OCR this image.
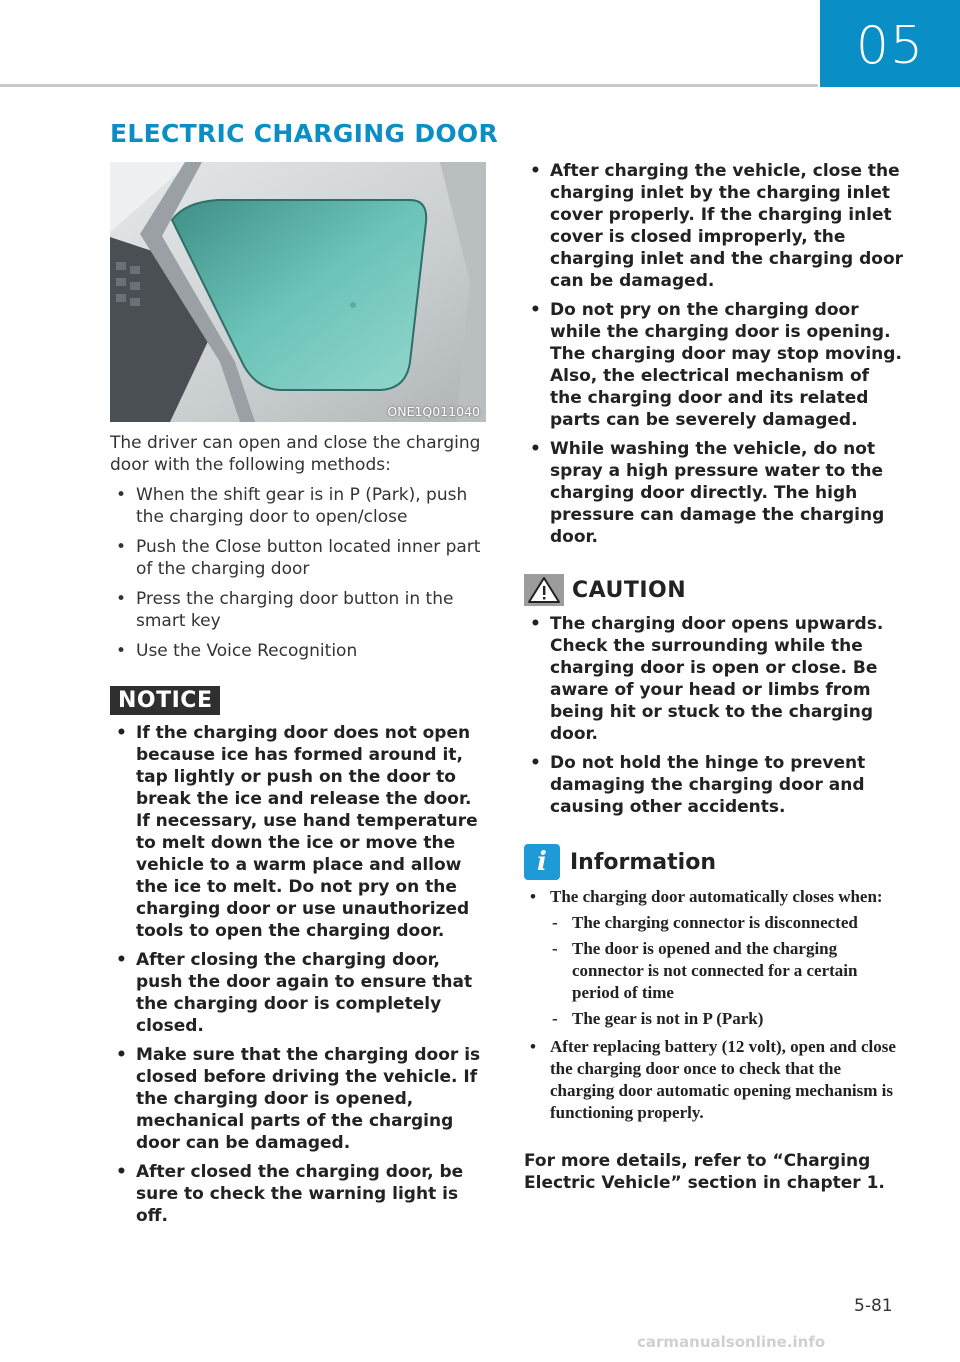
05
ELECTRIC CHARGING DOOR
ONE1Q011040

The driver can open and close the charging door with the following methods:

• When the shift gear is in P (Park), push the charging door to open/close
• Push the Close button located inner part of the charging door
• Press the charging door button in the smart key
• Use the Voice Recognition
NOTICE
• If the charging door does not open because ice has formed around it, tap lightly or push on the door to break the ice and release the door. If necessary, use hand temperature to melt down the ice or move the vehicle to a warm place and allow the ice to melt. Do not pry on the charging door or use unauthorized tools to open the charging door.
• After closing the charging door, push the door again to ensure that the charging door is completely closed.
• Make sure that the charging door is closed before driving the vehicle. If the charging door is opened, mechanical parts of the charging door can be damaged.
• After closed the charging door, be sure to check the warning light is off.
• After charging the vehicle, close the charging inlet by the charging inlet cover properly. If the charging inlet cover is closed improperly, the charging inlet and the charging door can be damaged.
• Do not pry on the charging door while the charging door is opening. The charging door may stop moving. Also, the electrical mechanism of the charging door and its related parts can be severely damaged.
• While washing the vehicle, do not spray a high pressure water to the charging door directly. The high pressure can damage the charging door.
CAUTION
• The charging door opens upwards. Check the surrounding while the charging door is open or close. Be aware of your head or limbs from being hit or stuck to the charging door.
• Do not hold the hinge to prevent damaging the charging door and causing other accidents.
i	Information
• The charging door automatically closes when:
- The charging connector is disconnected
- The door is opened and the charging connector is not connected for a certain period of time
- The gear is not in P (Park)
• After replacing battery (12 volt), open and close the charging door once to check that the charging door automatic opening mechanism is functioning properly.

For more details, refer to “Charging Electric Vehicle” section in chapter 1.

5-81
carmanualsonline.info
